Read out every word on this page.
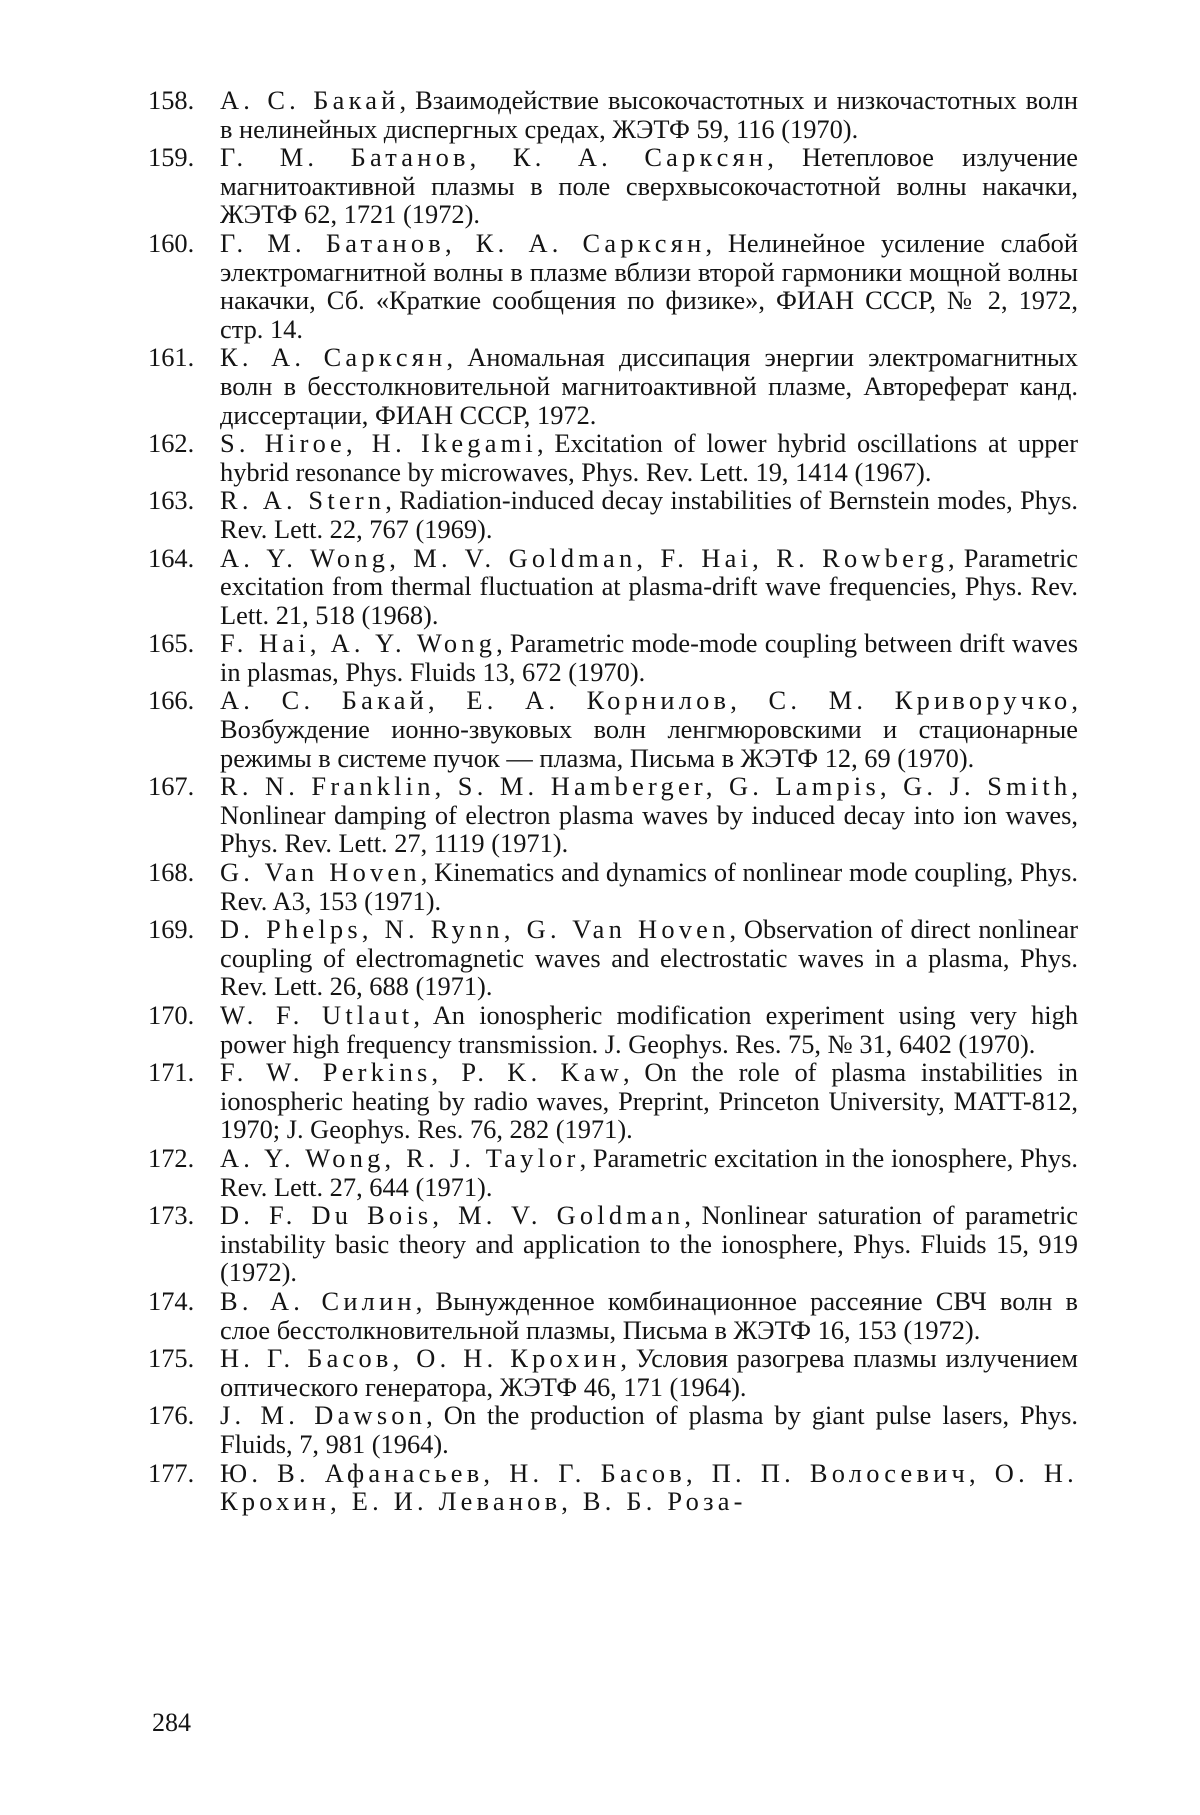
158. А. С. Бакай, Взаимодействие высокочастотных и низкочастотных волн в нелинейных диспергных средах, ЖЭТФ 59, 116 (1970).
159. Г. М. Батанов, К. А. Саркcян, Нетепловое излучение магнитоактивной плазмы в поле сверхвысокочастотной волны накачки, ЖЭТФ 62, 1721 (1972).
160. Г. М. Батанов, К. А. Саркcян, Нелинейное усиление слабой электромагнитной волны в плазме вблизи второй гармоники мощной волны накачки, Сб. «Краткие сообщения по физике», ФИАН СССР, № 2, 1972, стр. 14.
161. К. А. Саркcян, Аномальная диссипация энергии электромагнитных волн в бесстолкновительной магнитоактивной плазме, Автореферат канд. диссертации, ФИАН СССР, 1972.
162. S. Hiroe, H. Ikegami, Excitation of lower hybrid oscillations at upper hybrid resonance by microwaves, Phys. Rev. Lett. 19, 1414 (1967).
163. R. A. Stern, Radiation-induced decay instabilities of Bernstein modes, Phys. Rev. Lett. 22, 767 (1969).
164. A. Y. Wong, M. V. Goldman, F. Hai, R. Rowberg, Parametric excitation from thermal fluctuation at plasma-drift wave frequencies, Phys. Rev. Lett. 21, 518 (1968).
165. F. Hai, A. Y. Wong, Parametric mode-mode coupling between drift waves in plasmas, Phys. Fluids 13, 672 (1970).
166. А. С. Бакай, Е. А. Корнилов, С. М. Криворучко, Возбуждение ионно-звуковых волн ленгмюровскими и стационарные режимы в системе пучок — плазма, Письма в ЖЭТФ 12, 69 (1970).
167. R. N. Franklin, S. M. Hamberger, G. Lampis, G. J. Smith, Nonlinear damping of electron plasma waves by induced decay into ion waves, Phys. Rev. Lett. 27, 1119 (1971).
168. G. Van Hoven, Kinematics and dynamics of nonlinear mode coupling, Phys. Rev. A3, 153 (1971).
169. D. Phelps, N. Rynn, G. Van Hoven, Observation of direct nonlinear coupling of electromagnetic waves and electrostatic waves in a plasma, Phys. Rev. Lett. 26, 688 (1971).
170. W. F. Utlaut, An ionospheric modification experiment using very high power high frequency transmission. J. Geophys. Res. 75, № 31, 6402 (1970).
171. F. W. Perkins, P. K. Kaw, On the role of plasma instabilities in ionospheric heating by radio waves, Preprint, Princeton University, MATT-812, 1970; J. Geophys. Res. 76, 282 (1971).
172. A. Y. Wong, R. J. Taylor, Parametric excitation in the ionosphere, Phys. Rev. Lett. 27, 644 (1971).
173. D. F. Du Bois, M. V. Goldman, Nonlinear saturation of parametric instability basic theory and application to the ionosphere, Phys. Fluids 15, 919 (1972).
174. В. А. Силин, Вынужденное комбинационное рассеяние СВЧ волн в слое бесстолкновительной плазмы, Письма в ЖЭТФ 16, 153 (1972).
175. Н. Г. Басов, О. Н. Крохин, Условия разогрева плазмы излучением оптического генератора, ЖЭТФ 46, 171 (1964).
176. J. M. Dawson, On the production of plasma by giant pulse lasers, Phys. Fluids, 7, 981 (1964).
177. Ю. В. Афанасьев, Н. Г. Басов, П. П. Волосевич, О. Н. Крохин, Е. И. Леванов, В. Б. Роза-
284
